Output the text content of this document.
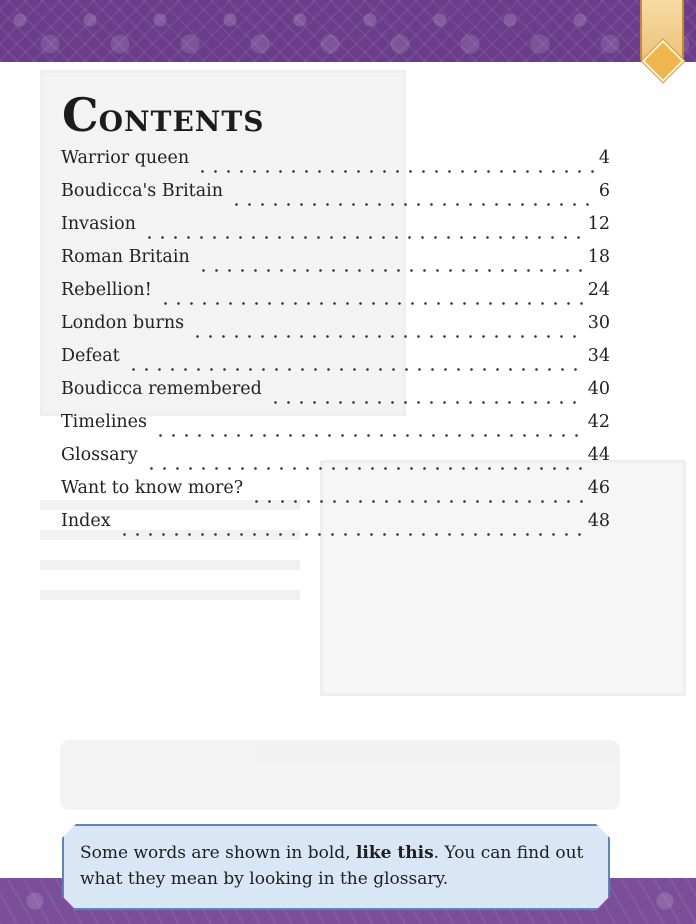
CONTENTS
Warrior queen	4
Boudicca's Britain	6
Invasion	12
Roman Britain	18
Rebellion!	24
London burns	30
Defeat	34
Boudicca remembered	40
Timelines	42
Glossary	44
Want to know more?	46
Index	48
Some words are shown in bold, like this. You can find out what they mean by looking in the glossary.
